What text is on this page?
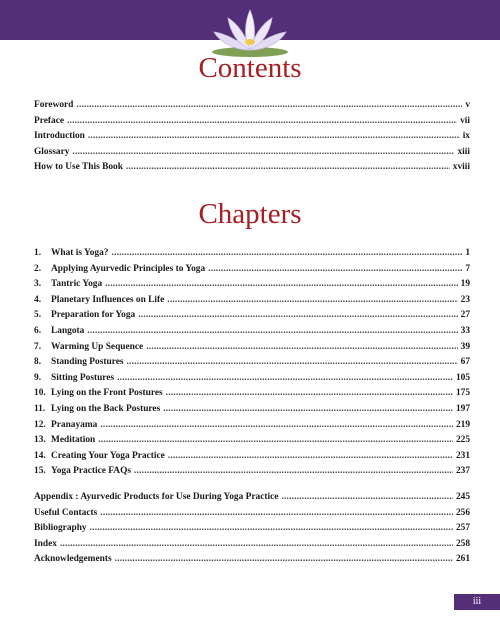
Contents
Foreword .....	v
Preface .....	vii
Introduction .....	ix
Glossary .....	xiii
How to Use This Book .....	xviii
Chapters
1.	What is Yoga? .....	1
2.	Applying Ayurvedic Principles to Yoga .....	7
3.	Tantric Yoga .....	19
4.	Planetary Influences on Life .....	23
5.	Preparation for Yoga .....	27
6.	Langota .....	33
7.	Warming Up Sequence .....	39
8.	Standing Postures .....	67
9.	Sitting Postures .....	105
10. Lying on the Front Postures .....	175
11. Lying on the Back Postures .....	197
12. Pranayama .....	219
13. Meditation .....	225
14. Creating Your Yoga Practice .....	231
15. Yoga Practice FAQs .....	237
Appendix : Ayurvedic Products for Use During Yoga Practice .....	245
Useful Contacts .....	256
Bibliography .....	257
Index .....	258
Acknowledgements .....	261
iii
